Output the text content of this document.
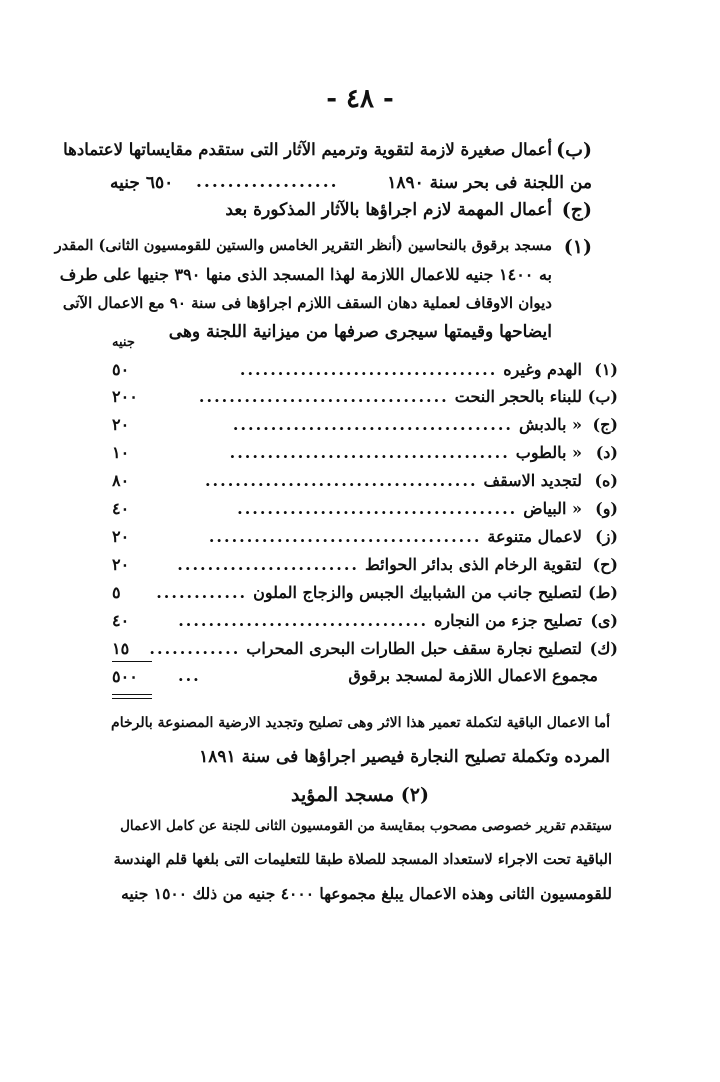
- ٤٨ -
(ب)
أعمال صغيرة لازمة لتقوية وترميم الآثار التى ستقدم مقايساتها لاعتمادها
من اللجنة فى بحر سنة ١٨٩٠
..................
٦٥٠ جنيه
(ج)
أعمال المهمة لازم اجراؤها بالآثار المذكورة بعد
(١)
مسجد برقوق بالنحاسين (أنظر التقرير الخامس والستين للقومسيون الثانى) المقدر
به ١٤٠٠ جنيه للاعمال اللازمة لهذا المسجد الذى منها ٣٩٠ جنيها على طرف
ديوان الاوقاف لعملية دهان السقف اللازم اجراؤها فى سنة ٩٠ مع الاعمال الآتى
ايضاحها وقيمتها سيجرى صرفها من ميزانية اللجنة وهى
جنيه
(١)
الهدم وغيره
..................................
٥٠
(ب)
للبناء بالحجر النحت
.................................
٢٠٠
(ج)
« بالدبش
.....................................
٢٠
(د)
« بالطوب
.....................................
١٠
(ه)
لتجديد الاسقف
....................................
٨٠
(و)
« البياض
.....................................
٤٠
(ز)
لاعمال متنوعة
....................................
٢٠
(ح)
لتقوية الرخام الذى بدائر الحوائط
........................
٢٠
(ط)
لتصليح جانب من الشبابيك الجبس والزجاج الملون
............
٥
(ى)
تصليح جزء من النجاره
.................................
٤٠
(ك)
لتصليح نجارة سقف حبل الطارات البحرى المحراب
............
١٥
مجموع الاعمال اللازمة لمسجد برقوق
...
٥٠٠
أما الاعمال الباقية لتكملة تعمير هذا الاثر وهى تصليح وتجديد الارضية المصنوعة بالرخام
المرده وتكملة تصليح النجارة فيصير اجراؤها فى سنة ١٨٩١
(٢) مسجد المؤيد
سيتقدم تقرير خصوصى مصحوب بمقايسة من القومسيون الثانى للجنة عن كامل الاعمال
الباقية تحت الاجراء لاستعداد المسجد للصلاة طبقا للتعليمات التى بلغها قلم الهندسة
للقومسيون الثانى وهذه الاعمال يبلغ مجموعها ٤٠٠٠ جنيه من ذلك ١٥٠٠ جنيه
